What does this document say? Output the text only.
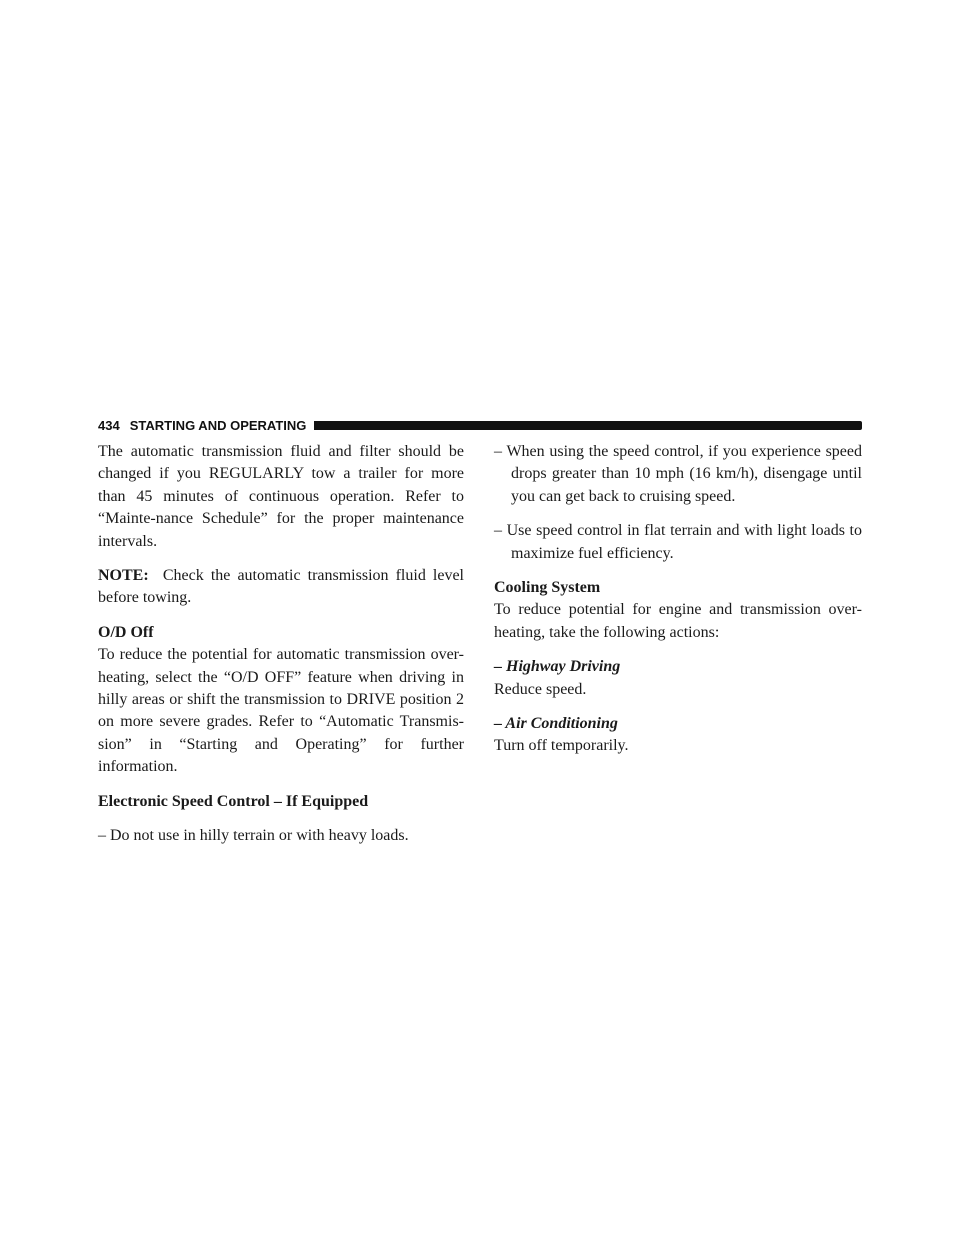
434 STARTING AND OPERATING

The automatic transmission fluid and filter should be changed if you REGULARLY tow a trailer for more than 45 minutes of continuous operation. Refer to “Mainte-nance Schedule” for the proper maintenance intervals.

NOTE: Check the automatic transmission fluid level before towing.

O/D Off

To reduce the potential for automatic transmission over-heating, select the “O/D OFF” feature when driving in hilly areas or shift the transmission to DRIVE position 2 on more severe grades. Refer to “Automatic Transmis-sion” in “Starting and Operating” for further information.

Electronic Speed Control – If Equipped

– Do not use in hilly terrain or with heavy loads.

– When using the speed control, if you experience speed drops greater than 10 mph (16 km/h), disengage until you can get back to cruising speed.

– Use speed control in flat terrain and with light loads to maximize fuel efficiency.

Cooling System

To reduce potential for engine and transmission over-heating, take the following actions:

– Highway Driving

Reduce speed.

– Air Conditioning

Turn off temporarily.
